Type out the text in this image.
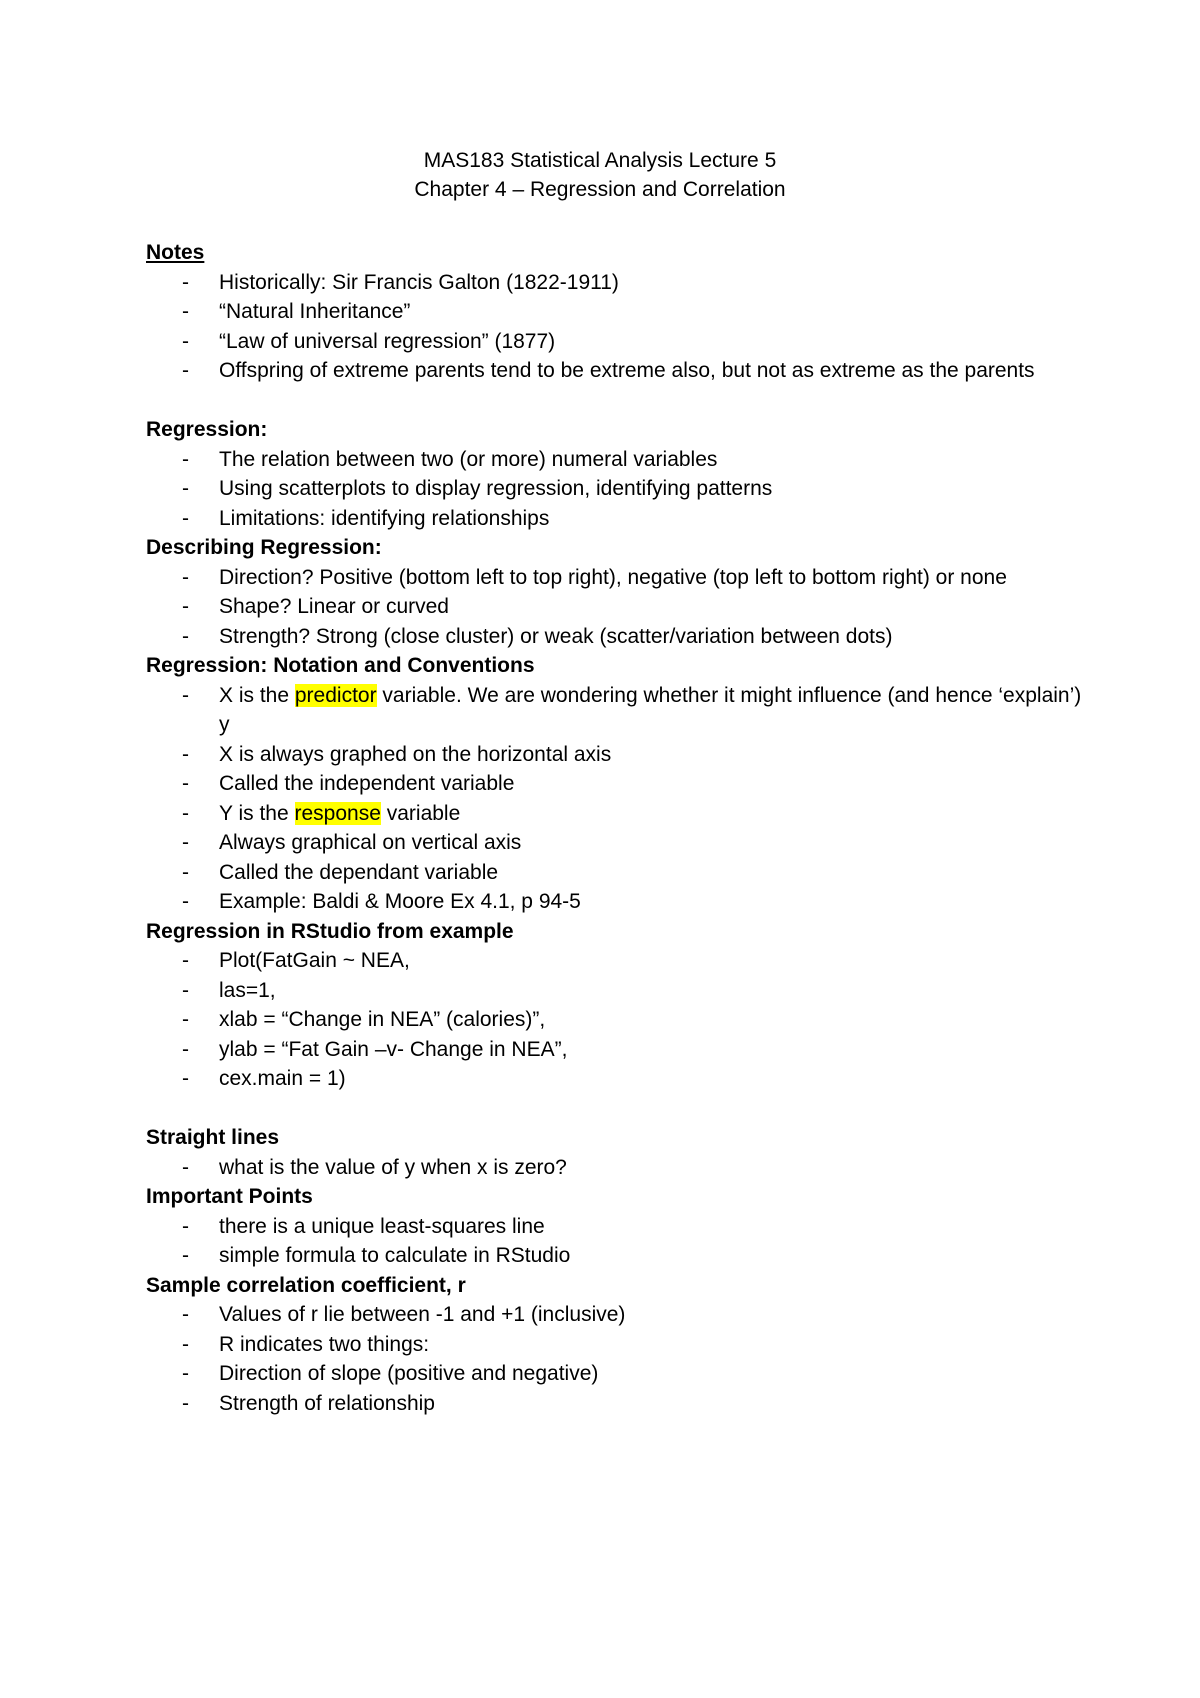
MAS183 Statistical Analysis Lecture 5
Chapter 4 – Regression and Correlation
Notes
- Historically: Sir Francis Galton (1822-1911)
- “Natural Inheritance”
- “Law of universal regression” (1877)
- Offspring of extreme parents tend to be extreme also, but not as extreme as the parents
Regression:
- The relation between two (or more) numeral variables
- Using scatterplots to display regression, identifying patterns
- Limitations: identifying relationships
Describing Regression:
- Direction? Positive (bottom left to top right), negative (top left to bottom right) or none
- Shape? Linear or curved
- Strength? Strong (close cluster) or weak (scatter/variation between dots)
Regression: Notation and Conventions
- X is the predictor variable. We are wondering whether it might influence (and hence ‘explain’) y
- X is always graphed on the horizontal axis
- Called the independent variable
- Y is the response variable
- Always graphical on vertical axis
- Called the dependant variable
- Example: Baldi & Moore Ex 4.1, p 94-5
Regression in RStudio from example
- Plot(FatGain ~ NEA,
- las=1,
- xlab = “Change in NEA” (calories)”,
- ylab = “Fat Gain –v- Change in NEA”,
- cex.main = 1)
Straight lines
- what is the value of y when x is zero?
Important Points
- there is a unique least-squares line
- simple formula to calculate in RStudio
Sample correlation coefficient, r
- Values of r lie between -1 and +1 (inclusive)
- R indicates two things:
- Direction of slope (positive and negative)
- Strength of relationship
